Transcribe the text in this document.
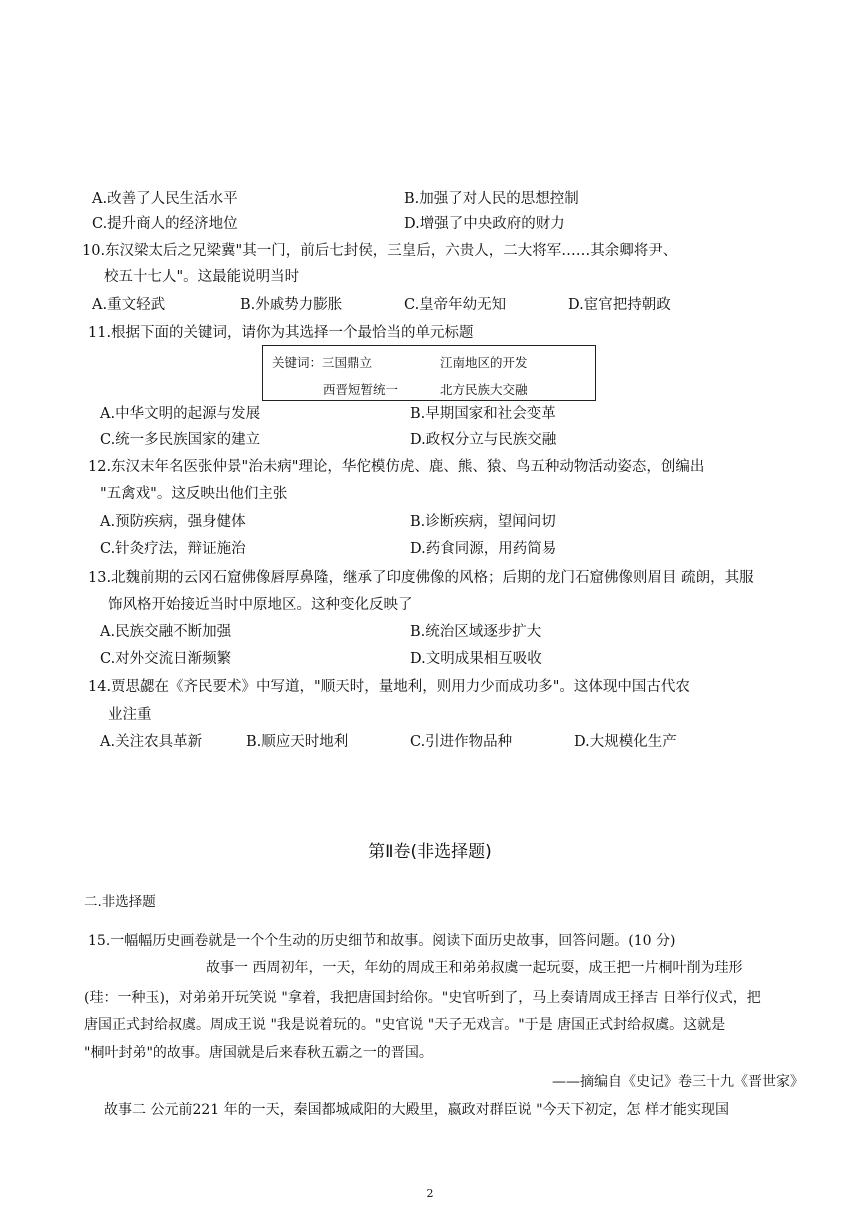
A.改善了人民生活水平	B.加强了对人民的思想控制
C.提升商人的经济地位	D.增强了中央政府的财力
10.东汉梁太后之兄梁冀"其一门，前后七封侯，三皇后，六贵人，二大将军……其余卿将尹、
校五十七人"。这最能说明当时
A.重文轻武	B.外戚势力膨胀	C.皇帝年幼无知	D.宦官把持朝政
11.根据下面的关键词，请你为其选择一个最恰当的单元标题
关键词：三国鼎立	江南地区的开发
西晋短暂统一	北方民族大交融
A.中华文明的起源与发展	B.早期国家和社会变革
C.统一多民族国家的建立	D.政权分立与民族交融
12.东汉末年名医张仲景"治未病"理论，华佗模仿虎、鹿、熊、猿、鸟五种动物活动姿态，创编出
"五禽戏"。这反映出他们主张
A.预防疾病，强身健体	B.诊断疾病，望闻问切
C.针灸疗法，辩证施治	D.药食同源，用药简易
13.北魏前期的云冈石窟佛像唇厚鼻隆，继承了印度佛像的风格；后期的龙门石窟佛像则眉目 疏朗，其服
饰风格开始接近当时中原地区。这种变化反映了
A.民族交融不断加强	B.统治区域逐步扩大
C.对外交流日渐频繁	D.文明成果相互吸收
14.贾思勰在《齐民要术》中写道，"顺天时，量地利，则用力少而成功多"。这体现中国古代农
业注重
A.关注农具革新	B.顺应天时地利	C.引进作物品种	D.大规模化生产
第Ⅱ卷(非选择题)
二.非选择题
15.一幅幅历史画卷就是一个个生动的历史细节和故事。阅读下面历史故事，回答问题。(10 分)
故事一 西周初年，一天，年幼的周成王和弟弟叔虞一起玩耍，成王把一片桐叶削为珪形
(珪：一种玉)，对弟弟开玩笑说 "拿着，我把唐国封给你。"史官听到了，马上奏请周成王择吉 日举行仪式，把
唐国正式封给叔虞。周成王说 "我是说着玩的。"史官说 "天子无戏言。"于是 唐国正式封给叔虞。这就是
"桐叶封弟"的故事。唐国就是后来春秋五霸之一的晋国。
——摘编自《史记》卷三十九《晋世家》
故事二 公元前221 年的一天，秦国都城咸阳的大殿里，嬴政对群臣说 "今天下初定，怎 样才能实现国
2
